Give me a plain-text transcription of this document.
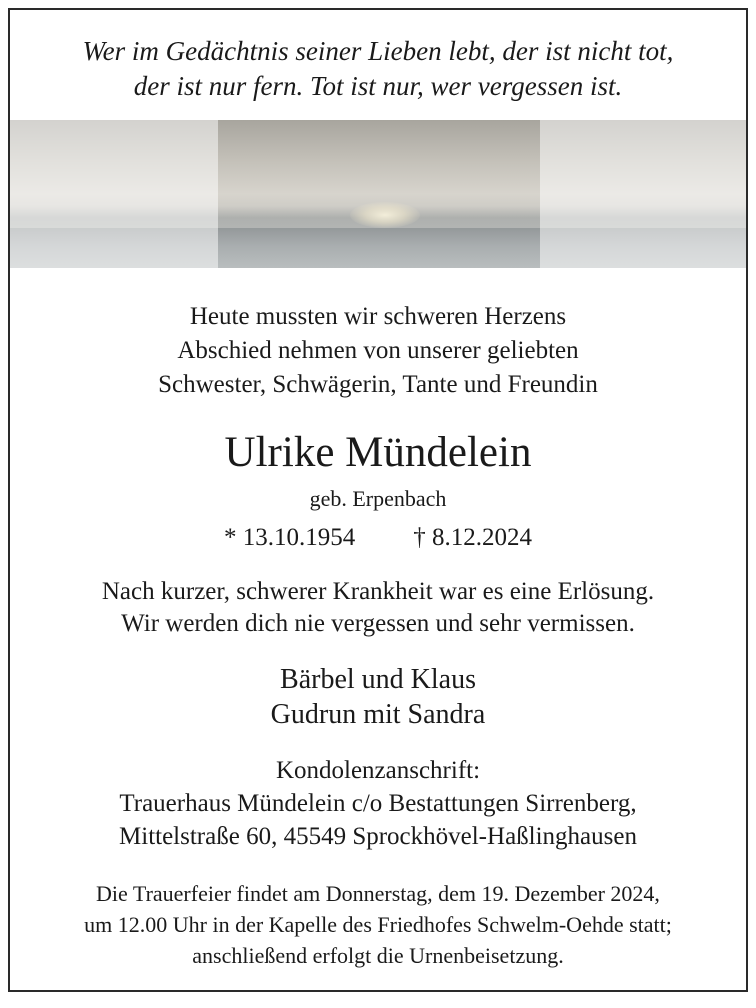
Wer im Gedächtnis seiner Lieben lebt, der ist nicht tot,
der ist nur fern. Tot ist nur, wer vergessen ist.
Heute mussten wir schweren Herzens
Abschied nehmen von unserer geliebten
Schwester, Schwägerin, Tante und Freundin
Ulrike Mündelein
geb. Erpenbach
* 13.10.1954 † 8.12.2024
Nach kurzer, schwerer Krankheit war es eine Erlösung.
Wir werden dich nie vergessen und sehr vermissen.
Bärbel und Klaus
Gudrun mit Sandra
Kondolenzanschrift:
Trauerhaus Mündelein c/o Bestattungen Sirrenberg,
Mittelstraße 60, 45549 Sprockhövel-Haßlinghausen
Die Trauerfeier findet am Donnerstag, dem 19. Dezember 2024,
um 12.00 Uhr in der Kapelle des Friedhofes Schwelm-Oehde statt;
anschließend erfolgt die Urnenbeisetzung.
